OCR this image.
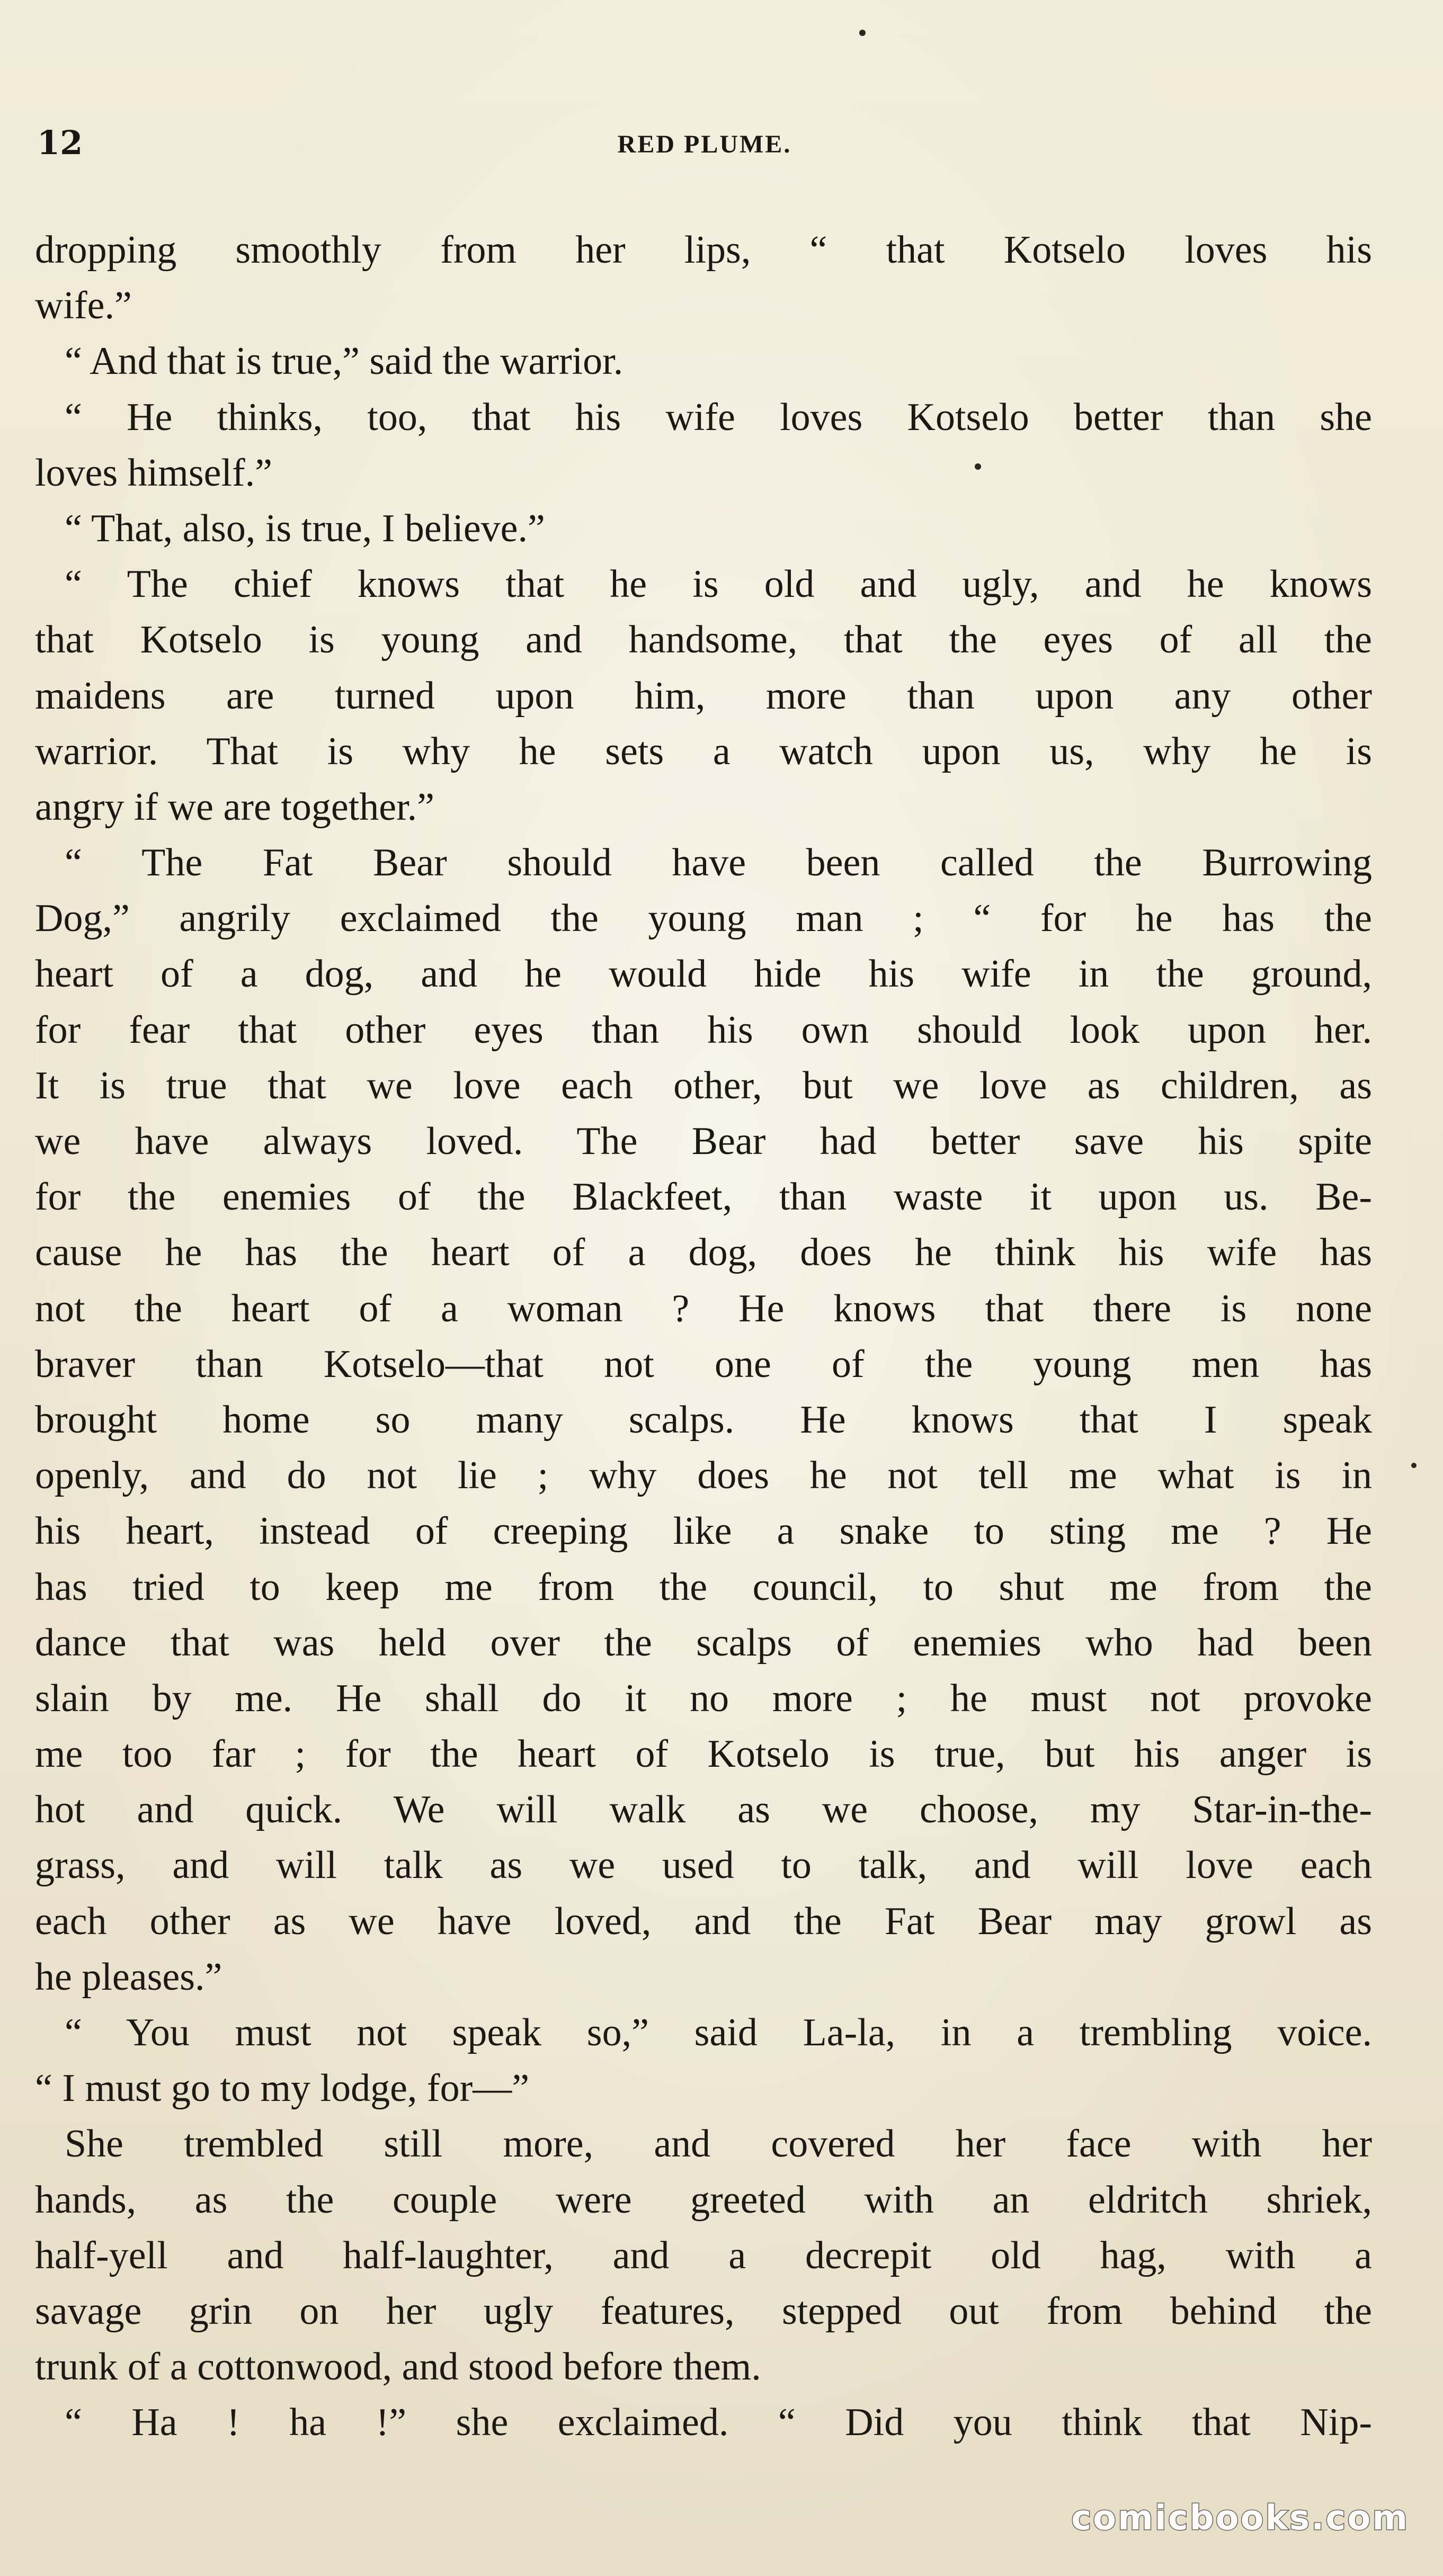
12	RED PLUME.
dropping smoothly from her lips, “ that Kotselo loves his
wife.”
“ And that is true,” said the warrior.
“ He thinks, too, that his wife loves Kotselo better than she
loves himself.”
“ That, also, is true, I believe.”
“ The chief knows that he is old and ugly, and he knows
that Kotselo is young and handsome, that the eyes of all the
maidens are turned upon him, more than upon any other
warrior. That is why he sets a watch upon us, why he is
angry if we are together.”
“ The Fat Bear should have been called the Burrowing
Dog,” angrily exclaimed the young man ; “ for he has the
heart of a dog, and he would hide his wife in the ground,
for fear that other eyes than his own should look upon her.
It is true that we love each other, but we love as children, as
we have always loved. The Bear had better save his spite
for the enemies of the Blackfeet, than waste it upon us. Be-
cause he has the heart of a dog, does he think his wife has
not the heart of a woman ? He knows that there is none
braver than Kotselo—that not one of the young men has
brought home so many scalps. He knows that I speak
openly, and do not lie ; why does he not tell me what is in
his heart, instead of creeping like a snake to sting me ? He
has tried to keep me from the council, to shut me from the
dance that was held over the scalps of enemies who had been
slain by me. He shall do it no more ; he must not provoke
me too far ; for the heart of Kotselo is true, but his anger is
hot and quick. We will walk as we choose, my Star-in-the-
grass, and will talk as we used to talk, and will love each
each other as we have loved, and the Fat Bear may growl as
he pleases.”
“ You must not speak so,” said La-la, in a trembling voice.
“ I must go to my lodge, for—”
She trembled still more, and covered her face with her
hands, as the couple were greeted with an eldritch shriek,
half-yell and half-laughter, and a decrepit old hag, with a
savage grin on her ugly features, stepped out from behind the
trunk of a cottonwood, and stood before them.
“ Ha ! ha !” she exclaimed. “ Did you think that Nip-
comicbooks.com
